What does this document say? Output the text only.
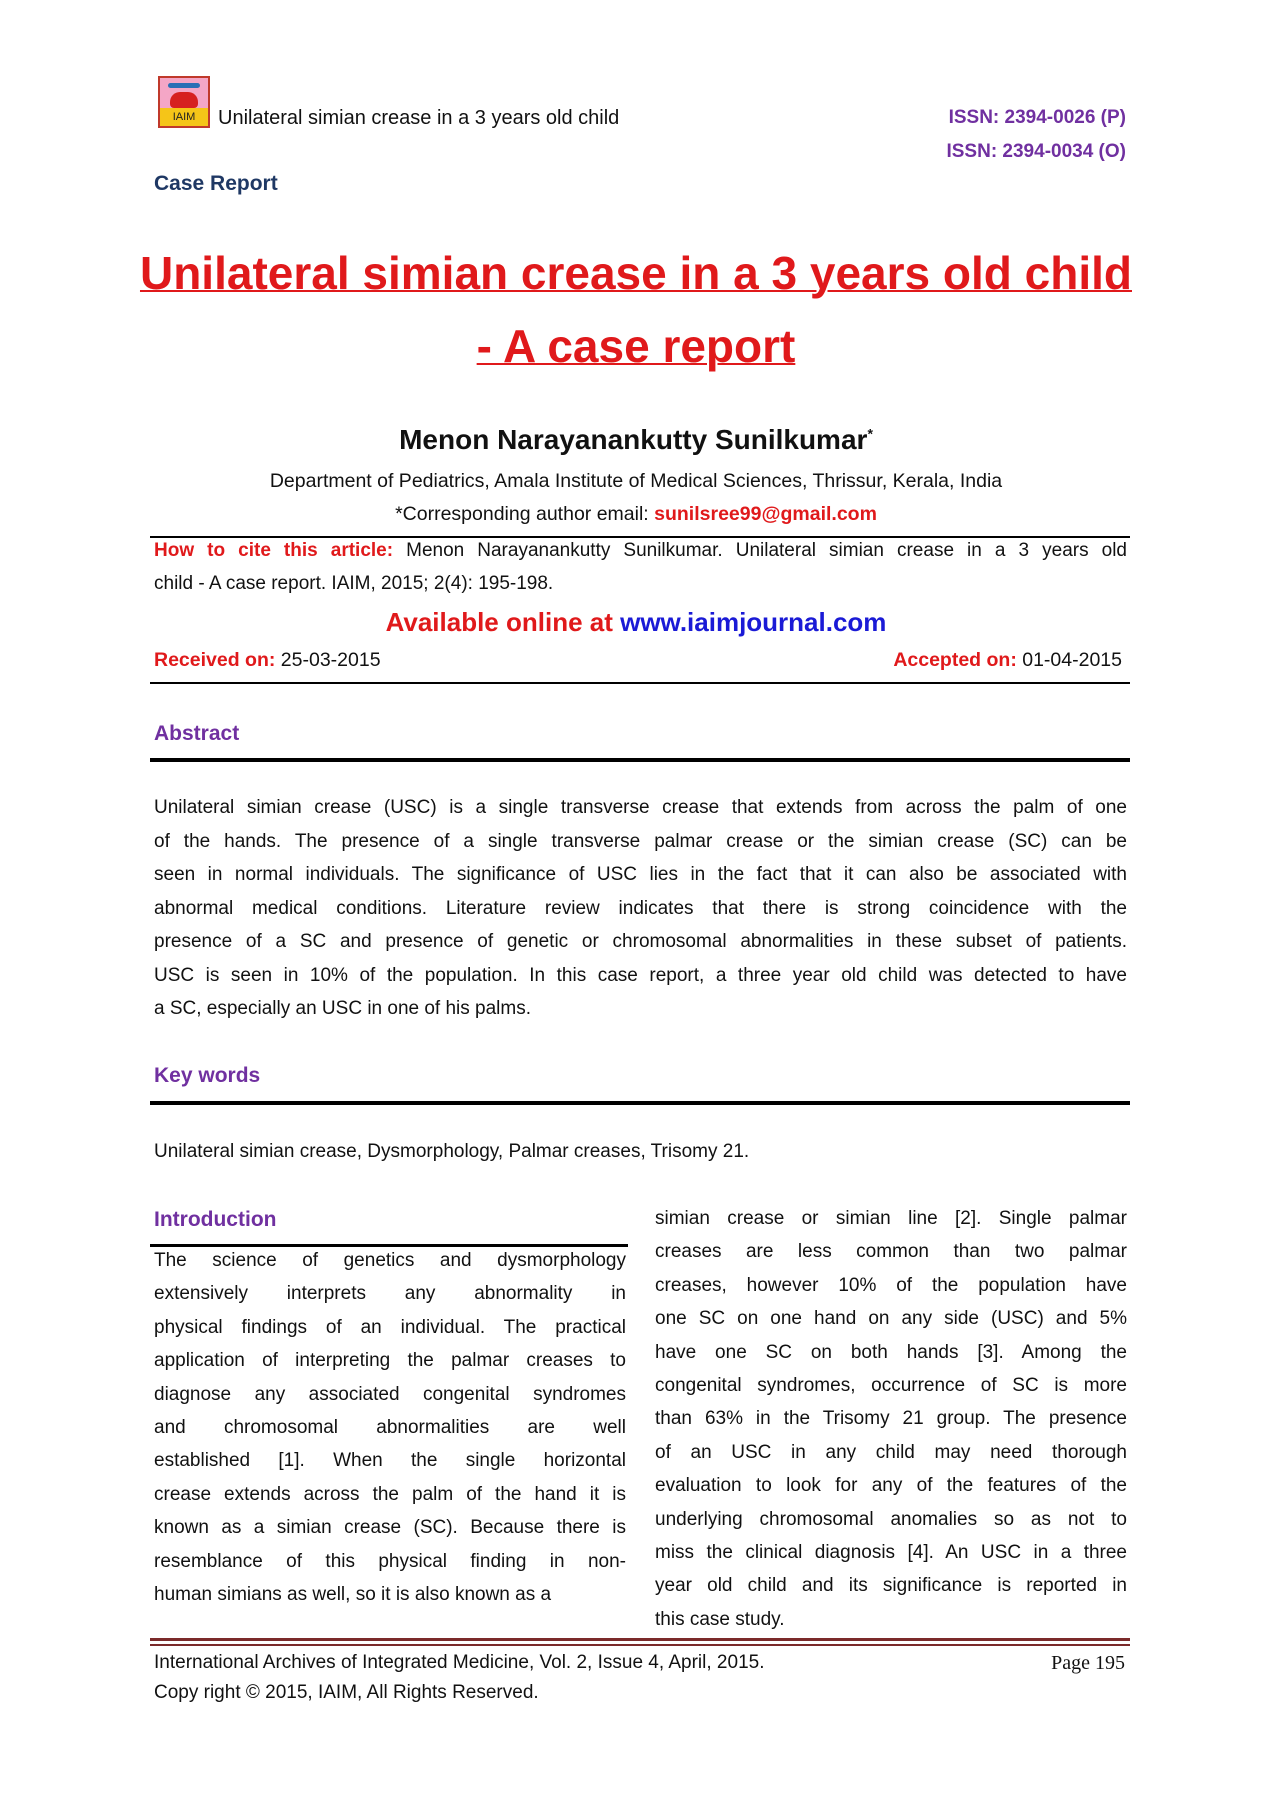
IAIM	Unilateral simian crease in a 3 years old child	ISSN: 2394-0026 (P)
ISSN: 2394-0034 (O)
Case Report
Unilateral simian crease in a 3 years old child
- A case report
Menon Narayanankutty Sunilkumar*
Department of Pediatrics, Amala Institute of Medical Sciences, Thrissur, Kerala, India
*Corresponding author email: sunilsree99@gmail.com
How to cite this article: Menon Narayanankutty Sunilkumar. Unilateral simian crease in a 3 years old
child - A case report. IAIM, 2015; 2(4): 195-198.
Available online at www.iaimjournal.com
Received on: 25-03-2015	Accepted on: 01-04-2015
Abstract
Key words
Unilateral simian crease, Dysmorphology, Palmar creases, Trisomy 21.
Introduction
International Archives of Integrated Medicine, Vol. 2, Issue 4, April, 2015.
Copy right © 2015, IAIM, All Rights Reserved.
Page 195
Unilateral simian crease (USC) is a single transverse crease that extends from across the palm of one
of the hands. The presence of a single transverse palmar crease or the simian crease (SC) can be
seen in normal individuals. The significance of USC lies in the fact that it can also be associated with
abnormal medical conditions. Literature review indicates that there is strong coincidence with the
presence of a SC and presence of genetic or chromosomal abnormalities in these subset of patients.
USC is seen in 10% of the population. In this case report, a three year old child was detected to have
a SC, especially an USC in one of his palms.
The science of genetics and dysmorphology
extensively interprets any abnormality in
physical findings of an individual. The practical
application of interpreting the palmar creases to
diagnose any associated congenital syndromes
and chromosomal abnormalities are well
established [1]. When the single horizontal
crease extends across the palm of the hand it is
known as a simian crease (SC). Because there is
resemblance of this physical finding in non-
human simians as well, so it is also known as a
simian crease or simian line [2]. Single palmar
creases are less common than two palmar
creases, however 10% of the population have
one SC on one hand on any side (USC) and 5%
have one SC on both hands [3]. Among the
congenital syndromes, occurrence of SC is more
than 63% in the Trisomy 21 group. The presence
of an USC in any child may need thorough
evaluation to look for any of the features of the
underlying chromosomal anomalies so as not to
miss the clinical diagnosis [4]. An USC in a three
year old child and its significance is reported in
this case study.
